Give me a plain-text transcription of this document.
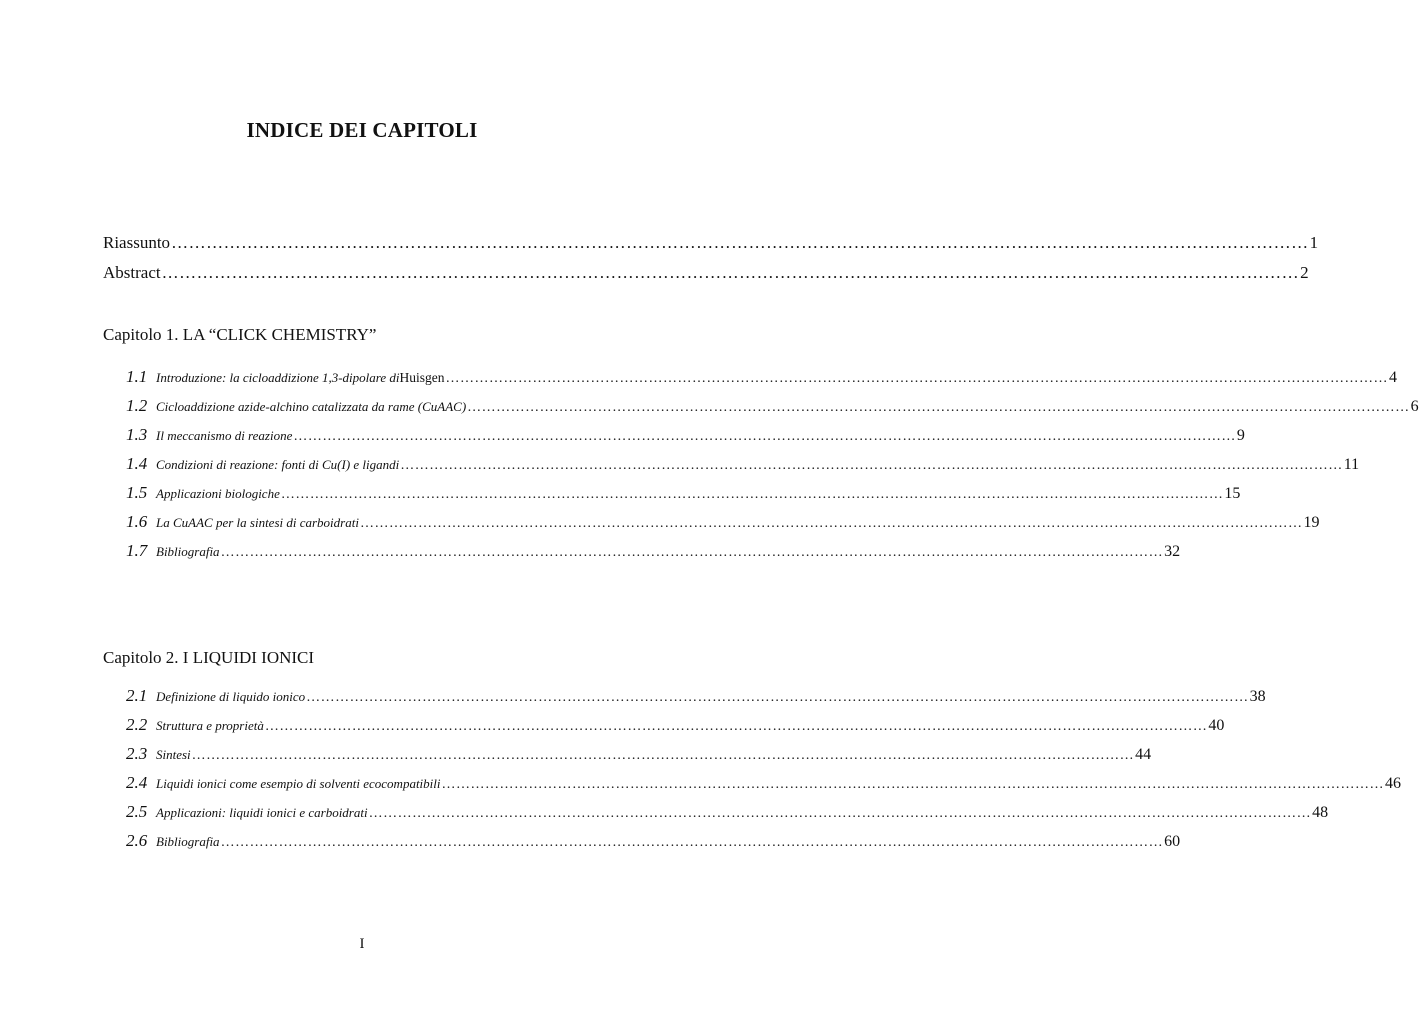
INDICE DEI CAPITOLI
Riassunto …………………………………………………………………………………………………………………………………………………………………………… 1
Abstract …………………………………………………………………………………………………………………………………………………………………………… 2
Capitolo 1. LA “CLICK CHEMISTRY”
1.1 Introduzione: la cicloaddizione 1,3-dipolare di Huisgen …………………………………………………………………………………………………………………………………………………………………………… 4
1.2 Cicloaddizione azide-alchino catalizzata da rame (CuAAC) …………………………………………………………………………………………………………………………………………………………………………… 6
1.3 Il meccanismo di reazione …………………………………………………………………………………………………………………………………………………………………………… 9
1.4 Condizioni di reazione: fonti di Cu(I) e ligandi …………………………………………………………………………………………………………………………………………………………………………… 11
1.5 Applicazioni biologiche …………………………………………………………………………………………………………………………………………………………………………… 15
1.6 La CuAAC per la sintesi di carboidrati …………………………………………………………………………………………………………………………………………………………………………… 19
1.7 Bibliografia …………………………………………………………………………………………………………………………………………………………………………… 32
Capitolo 2. I LIQUIDI IONICI
2.1 Definizione di liquido ionico …………………………………………………………………………………………………………………………………………………………………………… 38
2.2 Struttura e proprietà …………………………………………………………………………………………………………………………………………………………………………… 40
2.3 Sintesi …………………………………………………………………………………………………………………………………………………………………………… 44
2.4 Liquidi ionici come esempio di solventi ecocompatibili …………………………………………………………………………………………………………………………………………………………………………… 46
2.5 Applicazioni: liquidi ionici e carboidrati …………………………………………………………………………………………………………………………………………………………………………… 48
2.6 Bibliografia …………………………………………………………………………………………………………………………………………………………………………… 60
I
